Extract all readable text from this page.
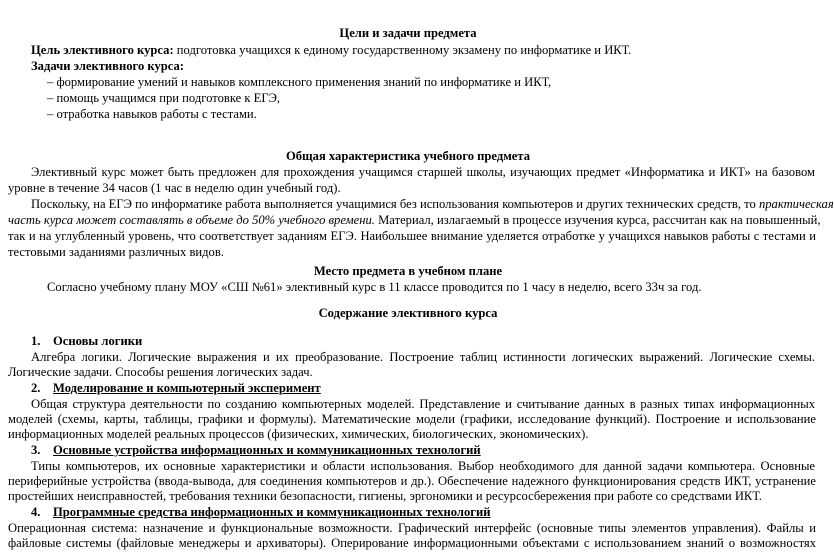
Цели и задачи предмета
Цель элективного курса: подготовка учащихся к единому государственному экзамену по информатике и ИКТ.
Задачи элективного курса:
– формирование умений и навыков комплексного применения знаний по информатике и ИКТ,
– помощь учащимся при подготовке к ЕГЭ,
– отработка навыков работы с тестами.
Общая характеристика учебного предмета
Элективный курс может быть предложен для прохождения учащимся старшей школы, изучающих предмет «Информатика и ИКТ» на базовом
уровне в течение 34 часов (1 час в неделю один учебный год).
Поскольку, на ЕГЭ по информатике работа выполняется учащимися без использования компьютеров и других технических средств, то практическая
часть курса может составлять в объеме до 50% учебного времени. Материал, излагаемый в процессе изучения курса, рассчитан как на повышенный,
так и на углубленный уровень, что соответствует заданиям ЕГЭ. Наибольшее внимание уделяется отработке у учащихся навыков работы с тестами и
тестовыми заданиями различных видов.
Место предмета в учебном плане
Согласно учебному плану МОУ «СШ №61» элективный курс в 11 классе проводится по 1 часу в неделю, всего 33ч за год.
Содержание элективного курса
1. Основы логики
Алгебра логики. Логические выражения и их преобразование. Построение таблиц истинности логических выражений. Логические схемы.
Логические задачи. Способы решения логических задач.
2. Моделирование и компьютерный эксперимент
Общая структура деятельности по созданию компьютерных моделей. Представление и считывание данных в разных типах информационных
моделей (схемы, карты, таблицы, графики и формулы). Математические модели (графики, исследование функций). Построение и использование
информационных моделей реальных процессов (физических, химических, биологических, экономических).
3. Основные устройства информационных и коммуникационных технологий
Типы компьютеров, их основные характеристики и области использования. Выбор необходимого для данной задачи компьютера. Основные
периферийные устройства (ввода-вывода, для соединения компьютеров и др.). Обеспечение надежного функционирования средств ИКТ, устранение
простейших неисправностей, требования техники безопасности, гигиены, эргономики и ресурсосбережения при работе со средствами ИКТ.
4. Программные средства информационных и коммуникационных технологий
Операционная система: назначение и функциональные возможности. Графический интерфейс (основные типы элементов управления). Файлы и
файловые системы (файловые менеджеры и архиваторы). Оперирование информационными объектами с использованием знаний о возможностях
